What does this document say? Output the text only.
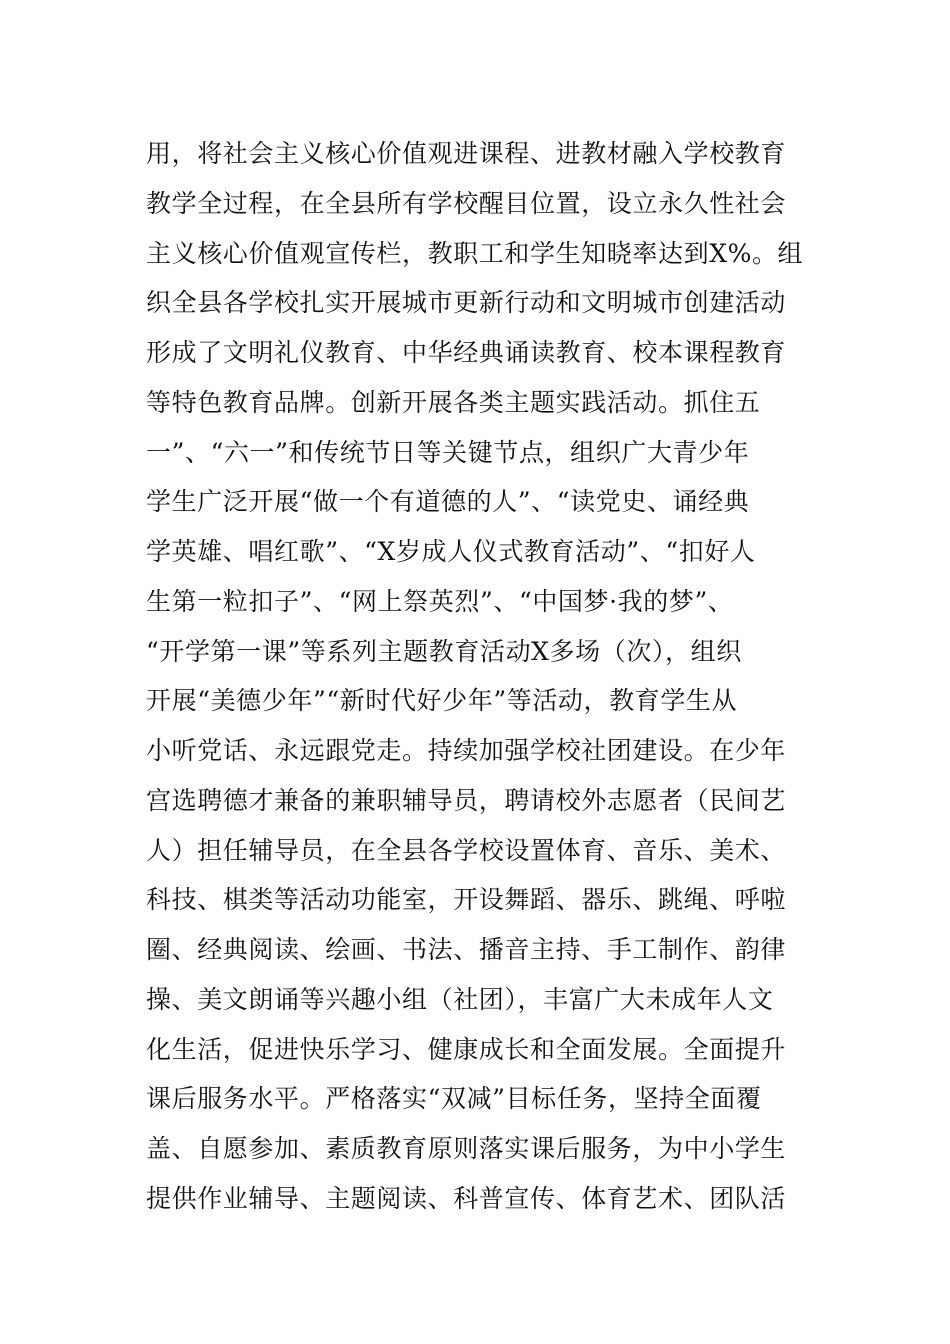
用，将社会主义核心价值观进课程、进教材融入学校教育
教学全过程，在全县所有学校醒目位置，设立永久性社会
主义核心价值观宣传栏，教职工和学生知晓率达到X%。组
织全县各学校扎实开展城市更新行动和文明城市创建活动
形成了文明礼仪教育、中华经典诵读教育、校本课程教育
等特色教育品牌。创新开展各类主题实践活动。抓住五
一”、“六一”和传统节日等关键节点，组织广大青少年
学生广泛开展“做一个有道德的人”、“读党史、诵经典
学英雄、唱红歌”、“X岁成人仪式教育活动”、“扣好人
生第一粒扣子”、“网上祭英烈”、“中国梦·我的梦”、
“开学第一课”等系列主题教育活动X多场（次），组织
开展“美德少年”“新时代好少年”等活动，教育学生从
小听党话、永远跟党走。持续加强学校社团建设。在少年
宫选聘德才兼备的兼职辅导员，聘请校外志愿者（民间艺
人）担任辅导员，在全县各学校设置体育、音乐、美术、
科技、棋类等活动功能室，开设舞蹈、器乐、跳绳、呼啦
圈、经典阅读、绘画、书法、播音主持、手工制作、韵律
操、美文朗诵等兴趣小组（社团），丰富广大未成年人文
化生活，促进快乐学习、健康成长和全面发展。全面提升
课后服务水平。严格落实“双减”目标任务，坚持全面覆
盖、自愿参加、素质教育原则落实课后服务，为中小学生
提供作业辅导、主题阅读、科普宣传、体育艺术、团队活
